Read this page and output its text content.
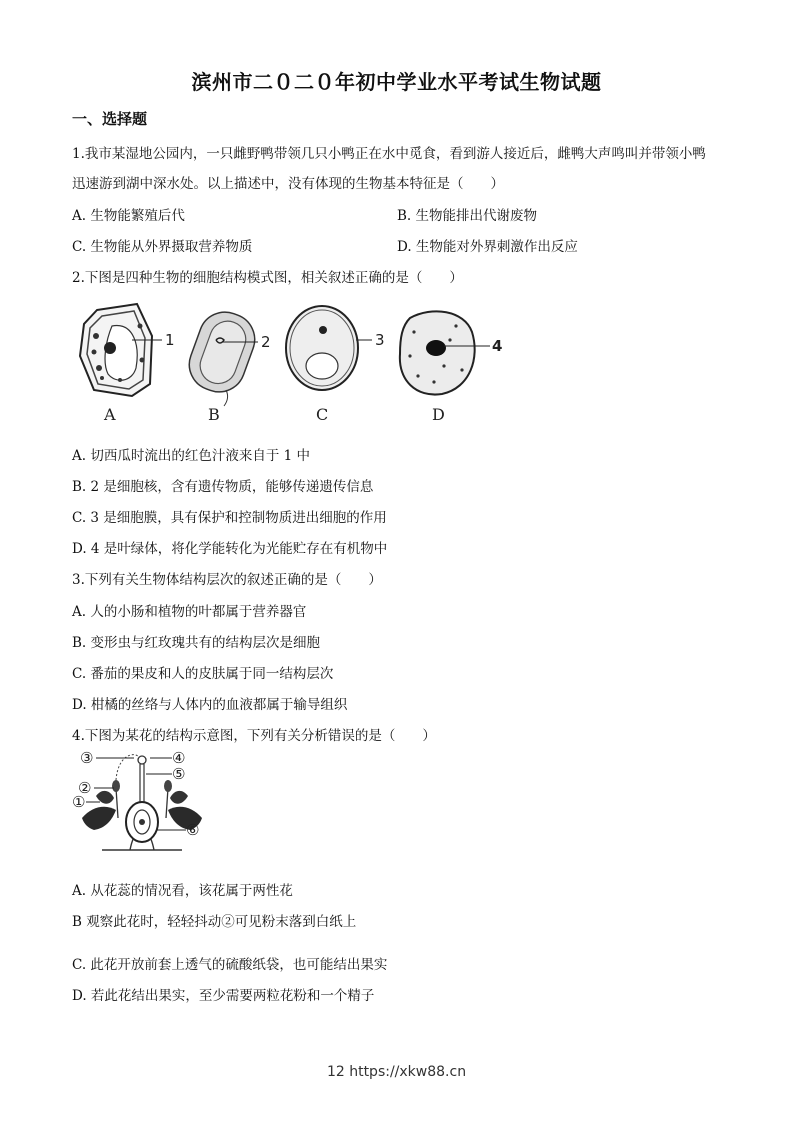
滨州市二０二０年初中学业水平考试生物试题
一、选择题
1.我市某湿地公园内，一只雌野鸭带领几只小鸭正在水中觅食，看到游人接近后，雌鸭大声鸣叫并带领小鸭
迅速游到湖中深水处。以上描述中，没有体现的生物基本特征是（　　）
A. 生物能繁殖后代	B. 生物能排出代谢废物
C. 生物能从外界摄取营养物质	D. 生物能对外界刺激作出反应
2.下图是四种生物的细胞结构模式图，相关叙述正确的是（　　）
1
A
2
B
3
C
4
D
A. 切西瓜时流出的红色汁液来自于 1 中
B. 2 是细胞核，含有遗传物质，能够传递遗传信息
C. 3 是细胞膜，具有保护和控制物质进出细胞的作用
D. 4 是叶绿体，将化学能转化为光能贮存在有机物中
3.下列有关生物体结构层次的叙述正确的是（　　）
A. 人的小肠和植物的叶都属于营养器官
B. 变形虫与红玫瑰共有的结构层次是细胞
C. 番茄的果皮和人的皮肤属于同一结构层次
D. 柑橘的丝络与人体内的血液都属于输导组织
4.下图为某花的结构示意图，下列有关分析错误的是（　　）
③	④
⑤
②
①
⑥
A. 从花蕊的情况看，该花属于两性花
B 观察此花时，轻轻抖动②可见粉末落到白纸上
C. 此花开放前套上透气的硫酸纸袋，也可能结出果实
D. 若此花结出果实，至少需要两粒花粉和一个精子
12 https://xkw88.cn
